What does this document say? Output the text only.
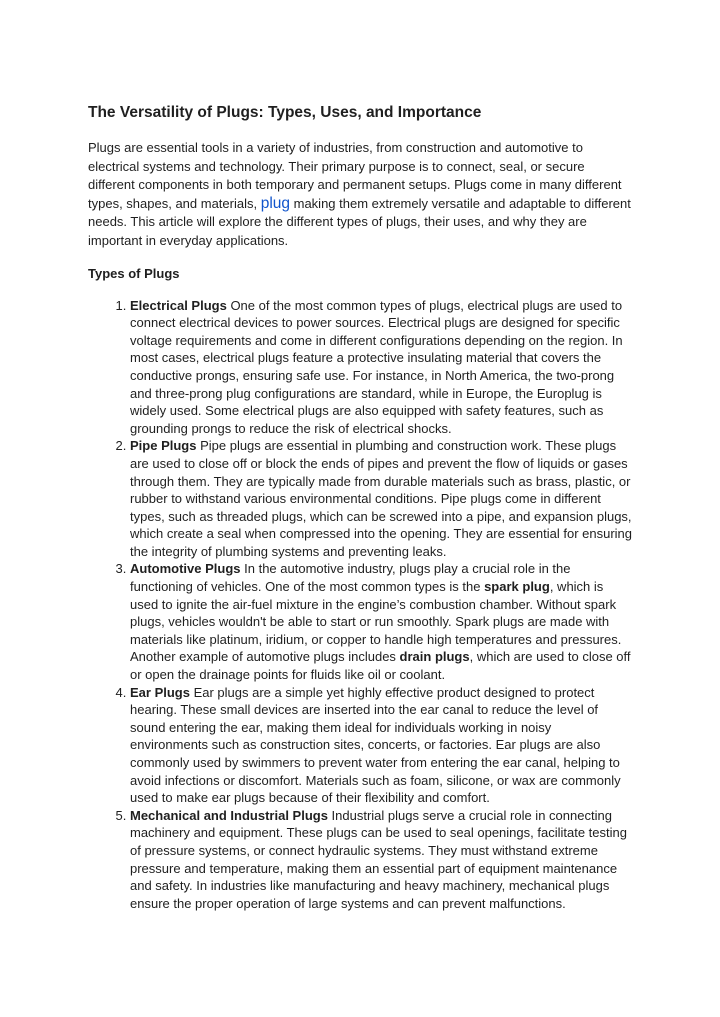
The Versatility of Plugs: Types, Uses, and Importance

Plugs are essential tools in a variety of industries, from construction and automotive to electrical systems and technology. Their primary purpose is to connect, seal, or secure different components in both temporary and permanent setups. Plugs come in many different types, shapes, and materials, plug making them extremely versatile and adaptable to different needs. This article will explore the different types of plugs, their uses, and why they are important in everyday applications.

Types of Plugs
1. Electrical Plugs One of the most common types of plugs, electrical plugs are used to connect electrical devices to power sources. Electrical plugs are designed for specific voltage requirements and come in different configurations depending on the region. In most cases, electrical plugs feature a protective insulating material that covers the conductive prongs, ensuring safe use. For instance, in North America, the two-prong and three-prong plug configurations are standard, while in Europe, the Europlug is widely used. Some electrical plugs are also equipped with safety features, such as grounding prongs to reduce the risk of electrical shocks.
2. Pipe Plugs Pipe plugs are essential in plumbing and construction work. These plugs are used to close off or block the ends of pipes and prevent the flow of liquids or gases through them. They are typically made from durable materials such as brass, plastic, or rubber to withstand various environmental conditions. Pipe plugs come in different types, such as threaded plugs, which can be screwed into a pipe, and expansion plugs, which create a seal when compressed into the opening. They are essential for ensuring the integrity of plumbing systems and preventing leaks.
3. Automotive Plugs In the automotive industry, plugs play a crucial role in the functioning of vehicles. One of the most common types is the spark plug, which is used to ignite the air-fuel mixture in the engine’s combustion chamber. Without spark plugs, vehicles wouldn't be able to start or run smoothly. Spark plugs are made with materials like platinum, iridium, or copper to handle high temperatures and pressures. Another example of automotive plugs includes drain plugs, which are used to close off or open the drainage points for fluids like oil or coolant.
4. Ear Plugs Ear plugs are a simple yet highly effective product designed to protect hearing. These small devices are inserted into the ear canal to reduce the level of sound entering the ear, making them ideal for individuals working in noisy environments such as construction sites, concerts, or factories. Ear plugs are also commonly used by swimmers to prevent water from entering the ear canal, helping to avoid infections or discomfort. Materials such as foam, silicone, or wax are commonly used to make ear plugs because of their flexibility and comfort.
5. Mechanical and Industrial Plugs Industrial plugs serve a crucial role in connecting machinery and equipment. These plugs can be used to seal openings, facilitate testing of pressure systems, or connect hydraulic systems. They must withstand extreme pressure and temperature, making them an essential part of equipment maintenance and safety. In industries like manufacturing and heavy machinery, mechanical plugs ensure the proper operation of large systems and can prevent malfunctions.
